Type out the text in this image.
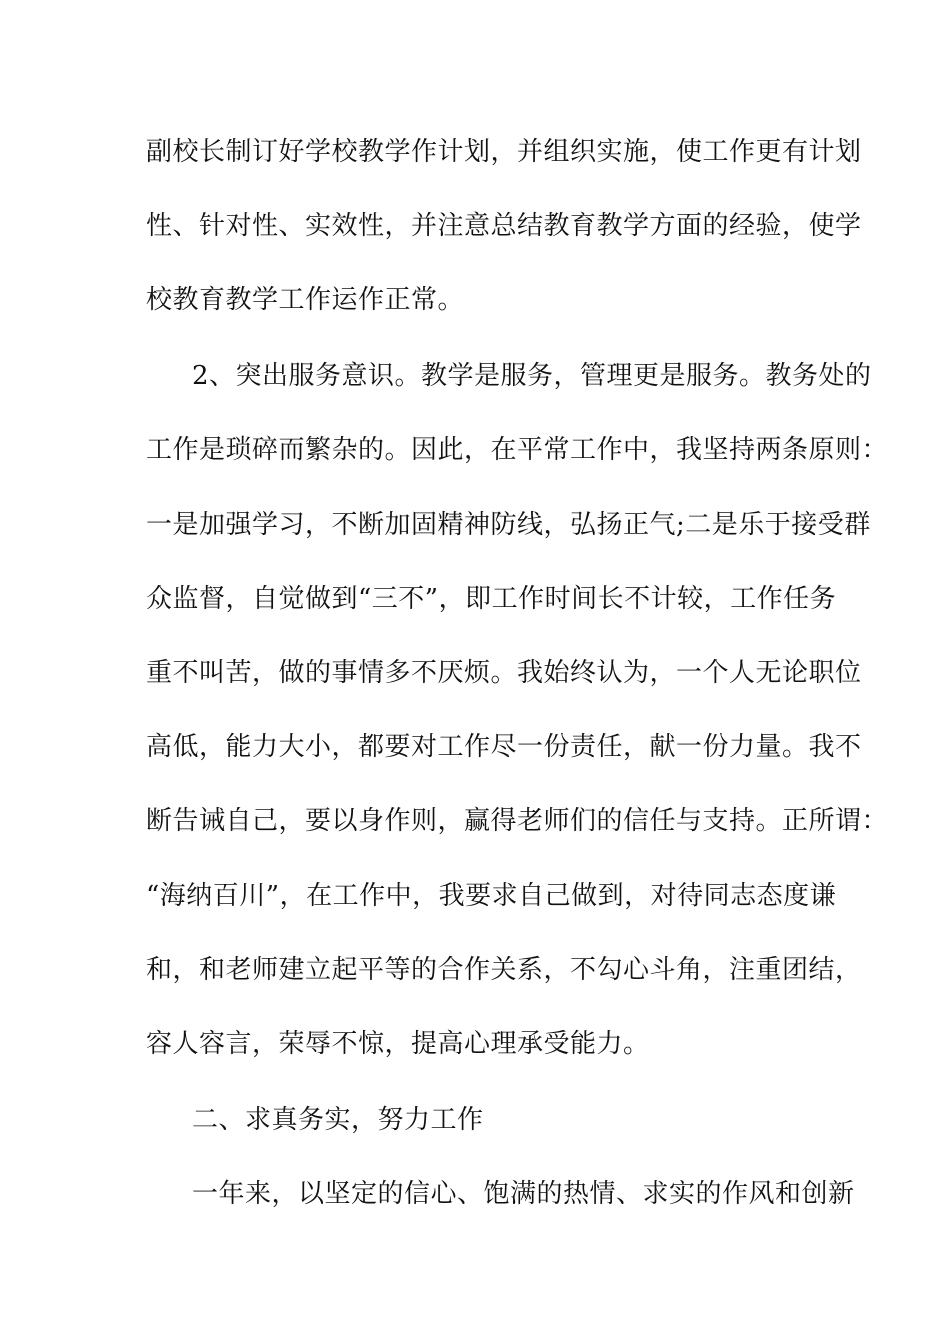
副校长制订好学校教学作计划，并组织实施，使工作更有计划
性、针对性、实效性，并注意总结教育教学方面的经验，使学
校教育教学工作运作正常。
2、突出服务意识。教学是服务，管理更是服务。教务处的
工作是琐碎而繁杂的。因此，在平常工作中，我坚持两条原则：
一是加强学习，不断加固精神防线，弘扬正气;二是乐于接受群
众监督，自觉做到“三不”，即工作时间长不计较，工作任务
重不叫苦，做的事情多不厌烦。我始终认为，一个人无论职位
高低，能力大小，都要对工作尽一份责任，献一份力量。我不
断告诫自己，要以身作则，赢得老师们的信任与支持。正所谓：
“海纳百川”，在工作中，我要求自己做到，对待同志态度谦
和，和老师建立起平等的合作关系，不勾心斗角，注重团结，
容人容言，荣辱不惊，提高心理承受能力。
二、求真务实，努力工作
一年来，以坚定的信心、饱满的热情、求实的作风和创新
